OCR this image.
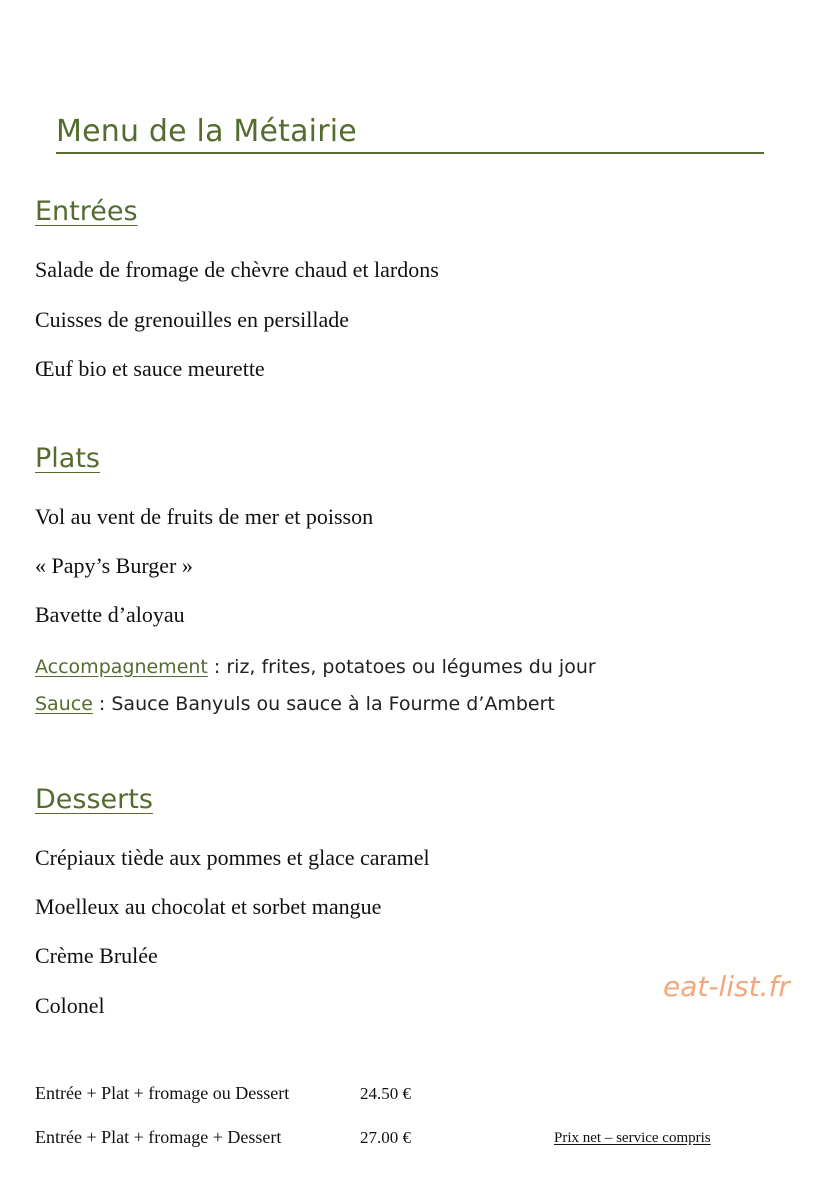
Menu de la Métairie
Entrées
Salade de fromage de chèvre chaud et lardons
Cuisses de grenouilles en persillade
Œuf bio et sauce meurette
Plats
Vol au vent de fruits de mer et poisson
« Papy’s Burger »
Bavette d’aloyau
Accompagnement : riz, frites, potatoes ou légumes du jour
Sauce : Sauce Banyuls ou sauce à la Fourme d’Ambert
Desserts
Crépiaux tiède aux pommes et glace caramel
Moelleux au chocolat et sorbet mangue
Crème Brulée
Colonel
eat-list.fr
Entrée + Plat + fromage ou Dessert	24.50 €
Entrée + Plat + fromage + Dessert	27.00 €	Prix net – service compris
